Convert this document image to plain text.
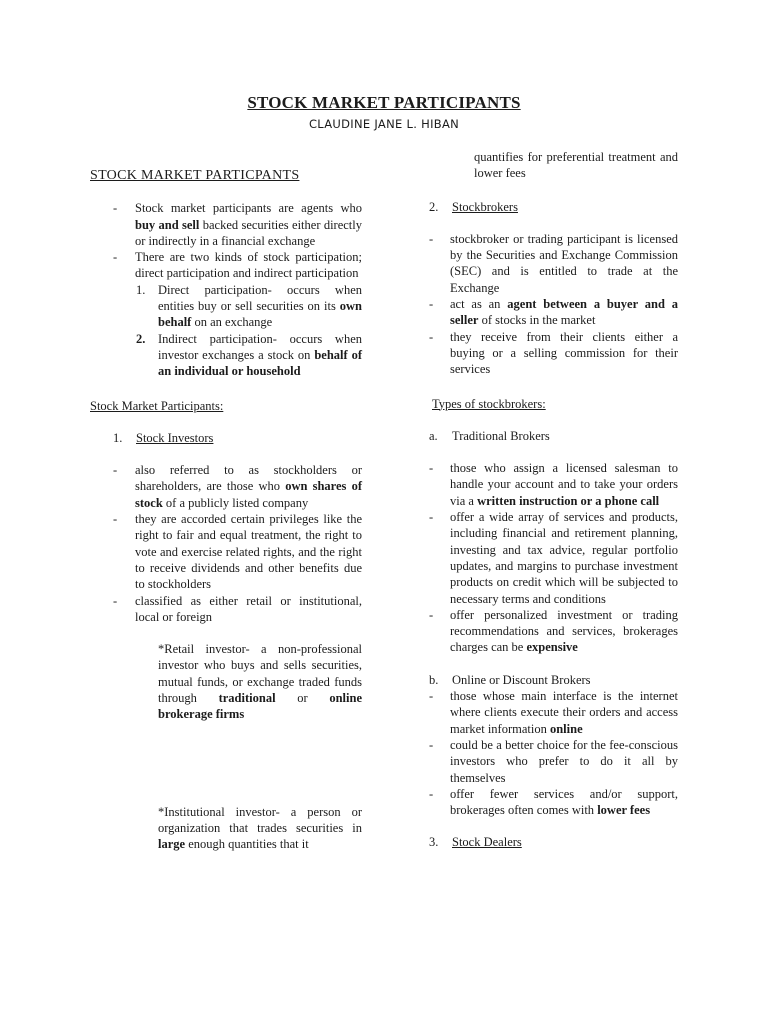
STOCK MARKET PARTICIPANTS
CLAUDINE JANE L. HIBAN
STOCK MARKET PARTICPANTS
- Stock market participants are agents who buy and sell backed securities either directly or indirectly in a financial exchange
- There are two kinds of stock participation; direct participation and indirect participation
1. Direct participation- occurs when entities buy or sell securities on its own behalf on an exchange
2. Indirect participation- occurs when investor exchanges a stock on behalf of an individual or household
Stock Market Participants:
1. Stock Investors
- also referred to as stockholders or shareholders, are those who own shares of stock of a publicly listed company
- they are accorded certain privileges like the right to fair and equal treatment, the right to vote and exercise related rights, and the right to receive dividends and other benefits due to stockholders
- classified as either retail or institutional, local or foreign
*Retail investor- a non-professional investor who buys and sells securities, mutual funds, or exchange traded funds through traditional or online brokerage firms
*Institutional investor- a person or organization that trades securities in large enough quantities that it
quantifies for preferential treatment and lower fees
2. Stockbrokers
- stockbroker or trading participant is licensed by the Securities and Exchange Commission (SEC) and is entitled to trade at the Exchange
- act as an agent between a buyer and a seller of stocks in the market
- they receive from their clients either a buying or a selling commission for their services
Types of stockbrokers:
a. Traditional Brokers
- those who assign a licensed salesman to handle your account and to take your orders via a written instruction or a phone call
- offer a wide array of services and products, including financial and retirement planning, investing and tax advice, regular portfolio updates, and margins to purchase investment products on credit which will be subjected to necessary terms and conditions
- offer personalized investment or trading recommendations and services, brokerages charges can be expensive
b. Online or Discount Brokers
- those whose main interface is the internet where clients execute their orders and access market information online
- could be a better choice for the fee-conscious investors who prefer to do it all by themselves
- offer fewer services and/or support, brokerages often comes with lower fees
3. Stock Dealers
